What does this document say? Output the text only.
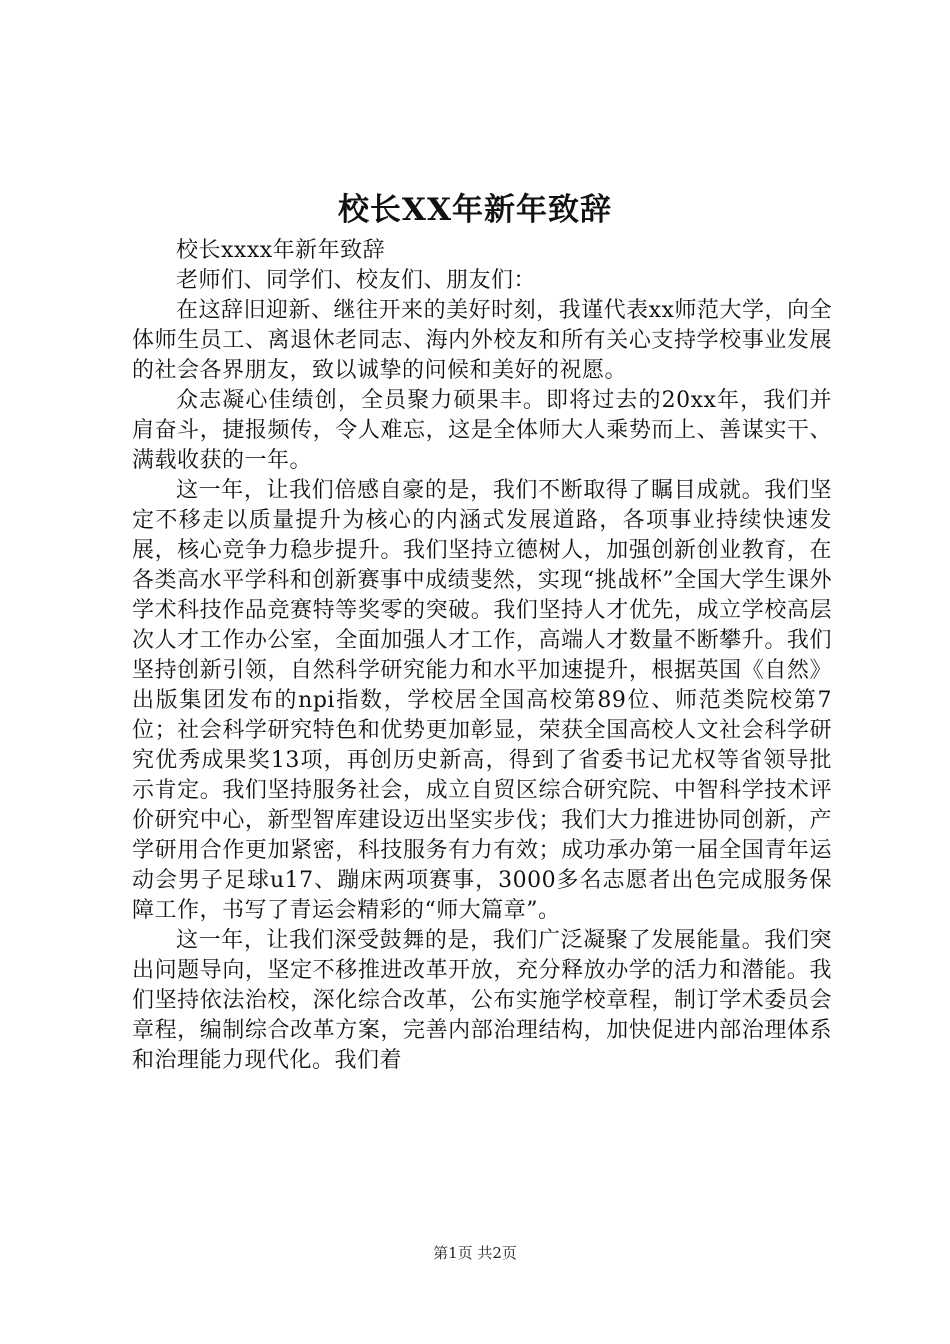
校长XX年新年致辞

校长xxxx年新年致辞

老师们、同学们、校友们、朋友们：

在这辞旧迎新、继往开来的美好时刻，我谨代表xx师范大学，向全体师生员工、离退休老同志、海内外校友和所有关心支持学校事业发展的社会各界朋友，致以诚挚的问候和美好的祝愿。

众志凝心佳绩创，全员聚力硕果丰。即将过去的20xx年，我们并肩奋斗，捷报频传，令人难忘，这是全体师大人乘势而上、善谋实干、满载收获的一年。

这一年，让我们倍感自豪的是，我们不断取得了瞩目成就。我们坚定不移走以质量提升为核心的内涵式发展道路，各项事业持续快速发展，核心竞争力稳步提升。我们坚持立德树人，加强创新创业教育，在各类高水平学科和创新赛事中成绩斐然，实现“挑战杯”全国大学生课外学术科技作品竞赛特等奖零的突破。我们坚持人才优先，成立学校高层次人才工作办公室，全面加强人才工作，高端人才数量不断攀升。我们坚持创新引领，自然科学研究能力和水平加速提升，根据英国《自然》出版集团发布的npi指数，学校居全国高校第89位、师范类院校第7位；社会科学研究特色和优势更加彰显，荣获全国高校人文社会科学研究优秀成果奖13项，再创历史新高，得到了省委书记尤权等省领导批示肯定。我们坚持服务社会，成立自贸区综合研究院、中智科学技术评价研究中心，新型智库建设迈出坚实步伐；我们大力推进协同创新，产学研用合作更加紧密，科技服务有力有效；成功承办第一届全国青年运动会男子足球u17、蹦床两项赛事，3000多名志愿者出色完成服务保障工作，书写了青运会精彩的“师大篇章”。

这一年，让我们深受鼓舞的是，我们广泛凝聚了发展能量。我们突出问题导向，坚定不移推进改革开放，充分释放办学的活力和潜能。我们坚持依法治校，深化综合改革，公布实施学校章程，制订学术委员会章程，编制综合改革方案，完善内部治理结构，加快促进内部治理体系和治理能力现代化。我们着

第1页 共2页
